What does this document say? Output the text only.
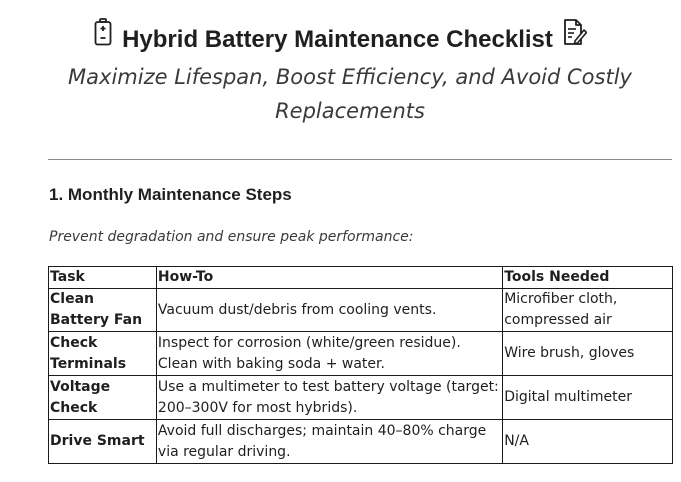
Hybrid Battery Maintenance Checklist
Maximize Lifespan, Boost Efficiency, and Avoid Costly Replacements
1. Monthly Maintenance Steps
Prevent degradation and ensure peak performance:
Task	How-To	Tools Needed
Clean Battery Fan	Vacuum dust/debris from cooling vents.	Microfiber cloth, compressed air
Check Terminals	Inspect for corrosion (white/green residue). Clean with baking soda + water.	Wire brush, gloves
Voltage Check	Use a multimeter to test battery voltage (target: 200–300V for most hybrids).	Digital multimeter
Drive Smart	Avoid full discharges; maintain 40–80% charge via regular driving.	N/A
